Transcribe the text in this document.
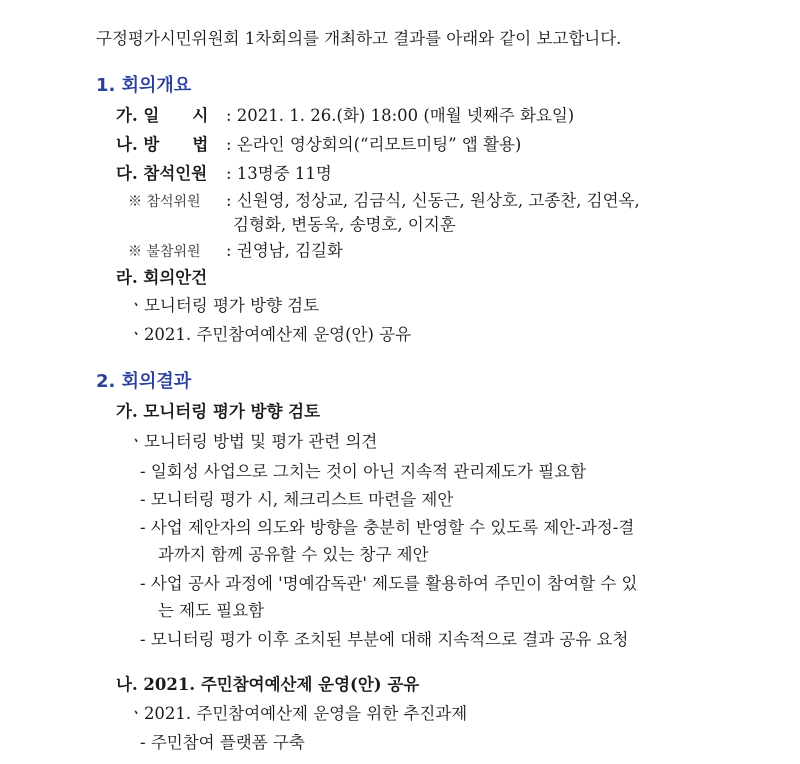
구정평가시민위원회 1차회의를 개최하고 결과를 아래와 같이 보고합니다.
1. 회의개요
가. 일　　시 : 2021. 1. 26.(화) 18:00 (매월 넷째주 화요일)
나. 방　　법 : 온라인 영상회의(“리모트미팅” 앱 활용)
다. 참석인원 : 13명중 11명
※ 참석위원 : 신원영, 정상교, 김금식, 신동근, 원상호, 고종찬, 김연옥,
김형화, 변동욱, 송명호, 이지훈
※ 불참위원 : 권영남, 김길화
라. 회의안건
ㆍ모니터링 평가 방향 검토
ㆍ2021. 주민참여예산제 운영(안) 공유
2. 회의결과
가. 모니터링 평가 방향 검토
ㆍ모니터링 방법 및 평가 관련 의견
- 일회성 사업으로 그치는 것이 아닌 지속적 관리제도가 필요함
- 모니터링 평가 시, 체크리스트 마련을 제안
- 사업 제안자의 의도와 방향을 충분히 반영할 수 있도록 제안-과정-결
과까지 함께 공유할 수 있는 창구 제안
- 사업 공사 과정에 '명예감독관' 제도를 활용하여 주민이 참여할 수 있
는 제도 필요함
- 모니터링 평가 이후 조치된 부분에 대해 지속적으로 결과 공유 요청
나. 2021. 주민참여예산제 운영(안) 공유
ㆍ2021. 주민참여예산제 운영을 위한 추진과제
- 주민참여 플랫폼 구축
